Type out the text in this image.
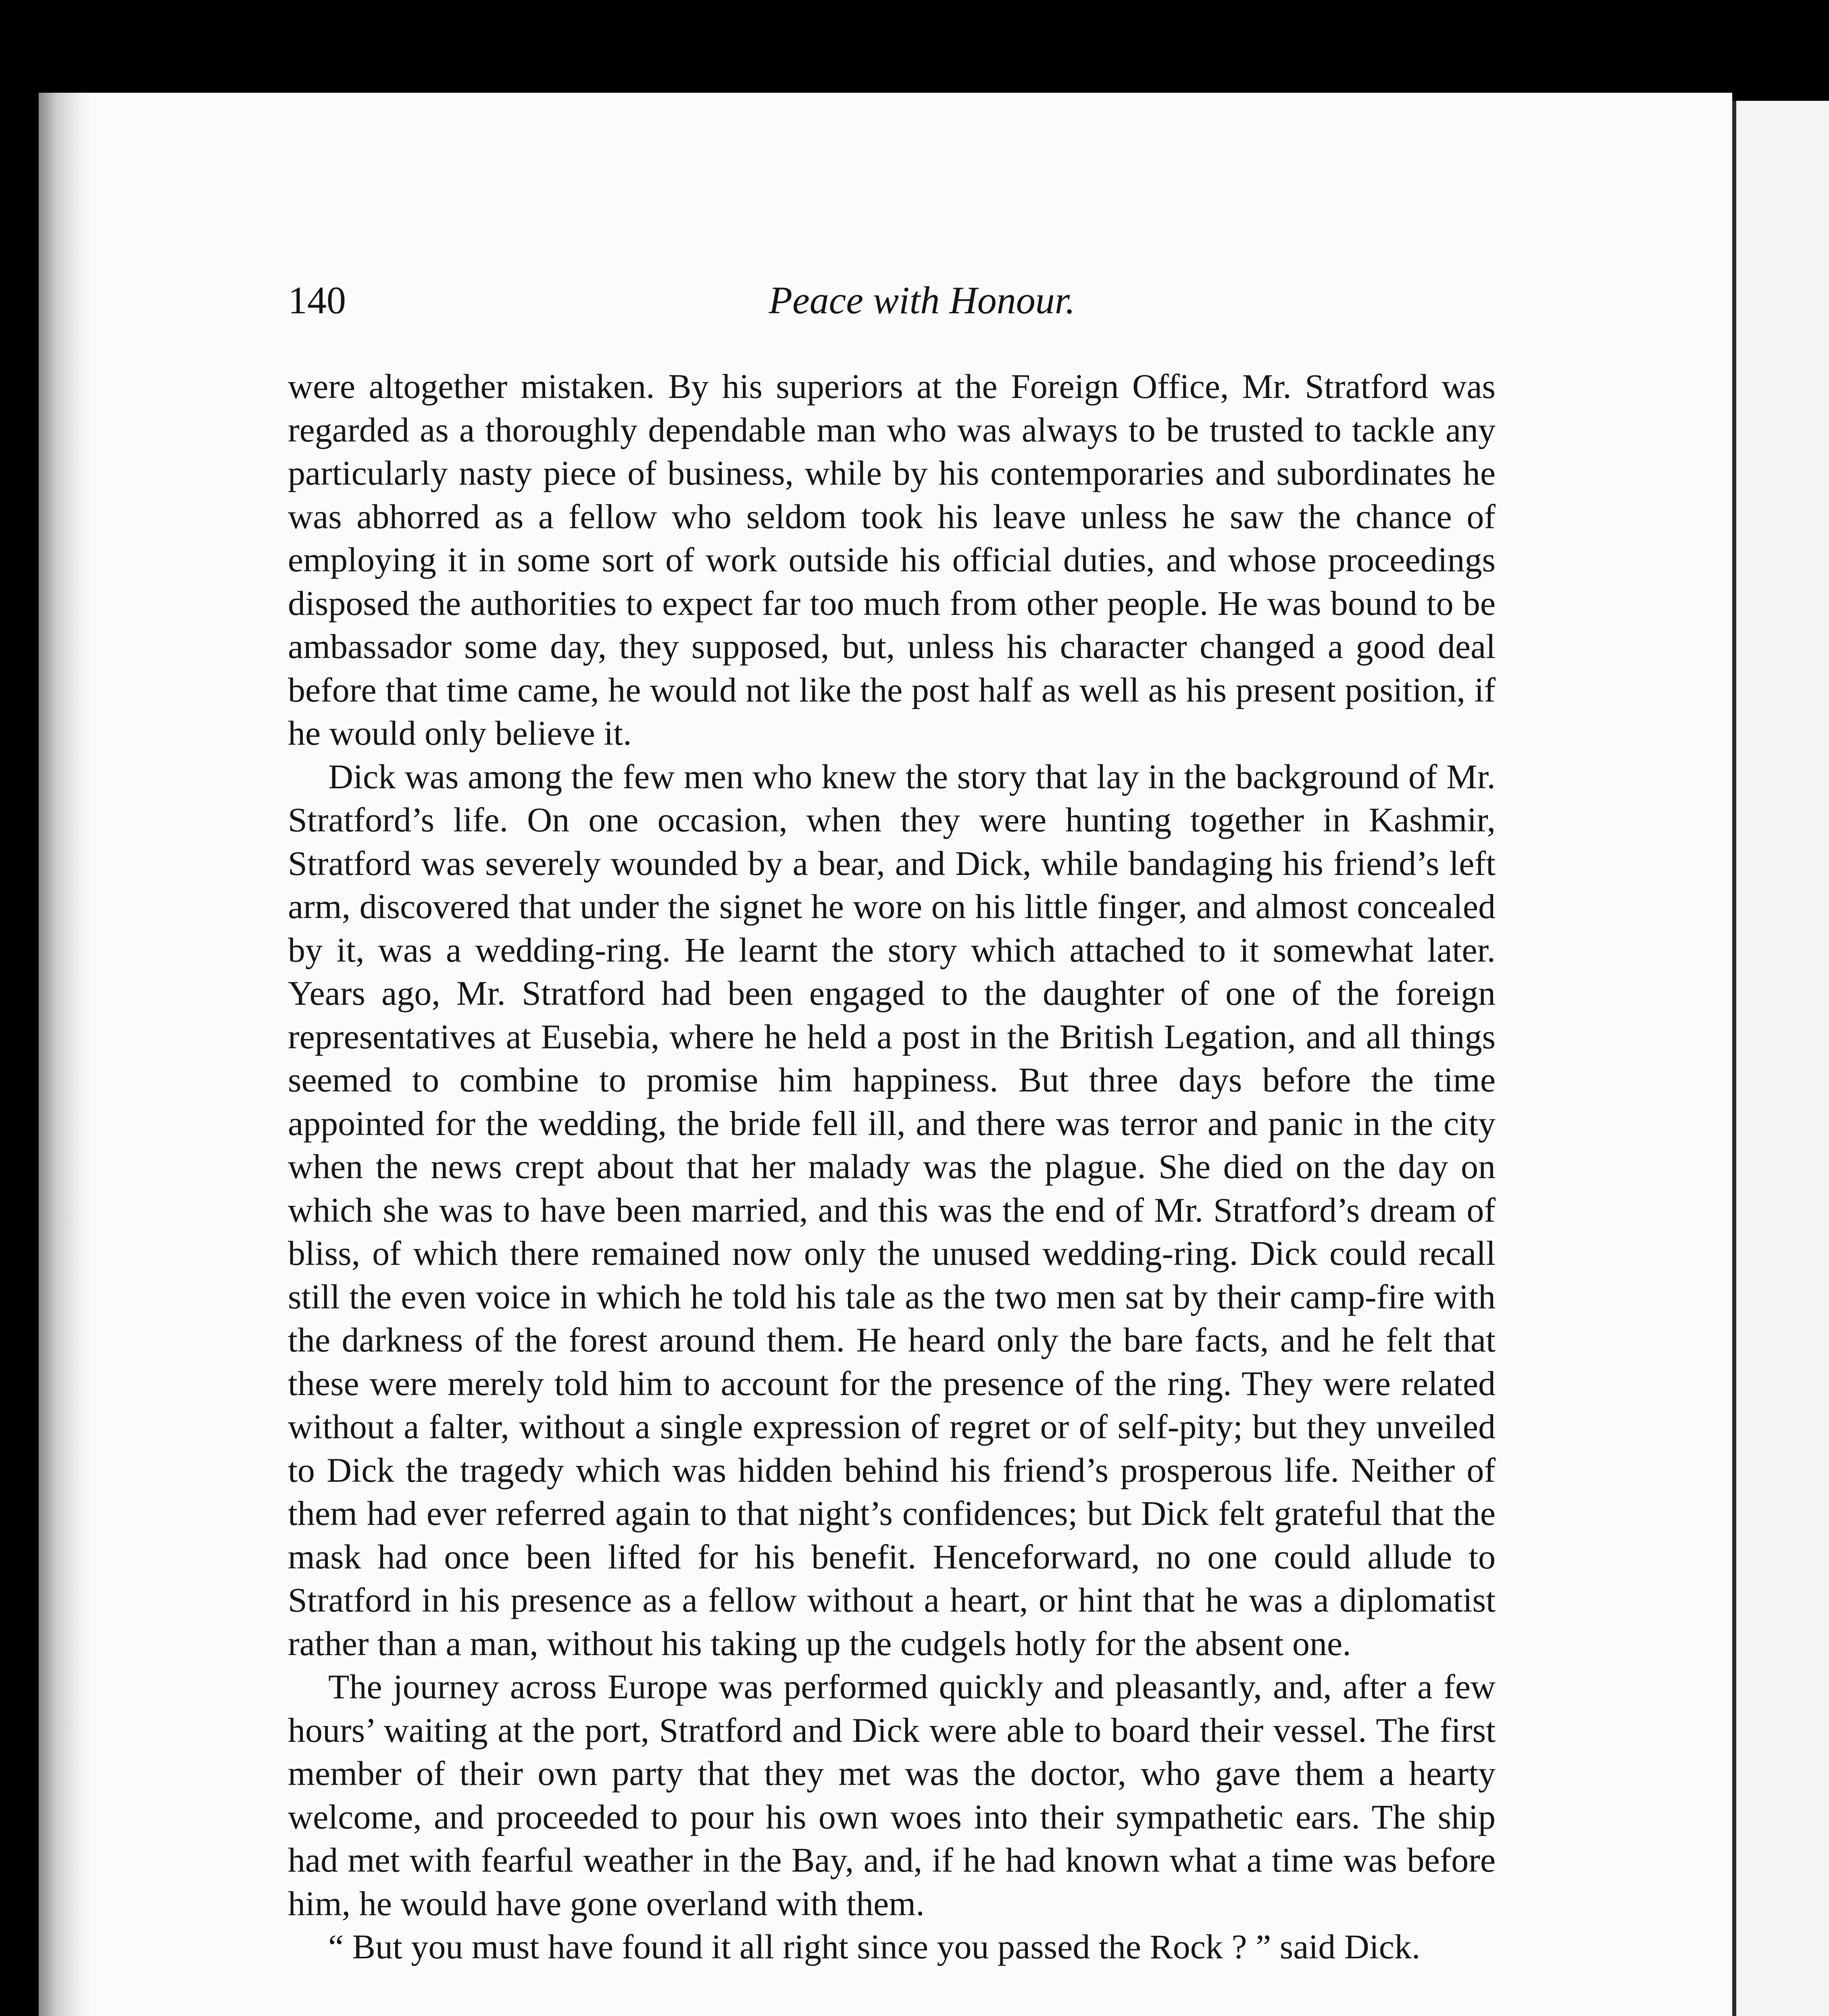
140	Peace with Honour.

were altogether mistaken. By his superiors at the Foreign Office, Mr. Stratford was regarded as a thoroughly dependable man who was always to be trusted to tackle any particularly nasty piece of business, while by his contemporaries and subordinates he was abhorred as a fellow who seldom took his leave unless he saw the chance of employing it in some sort of work outside his official duties, and whose proceedings disposed the authorities to expect far too much from other people. He was bound to be ambassador some day, they supposed, but, unless his character changed a good deal before that time came, he would not like the post half as well as his present position, if he would only believe it.

Dick was among the few men who knew the story that lay in the background of Mr. Stratford’s life. On one occasion, when they were hunting together in Kashmir, Stratford was severely wounded by a bear, and Dick, while bandaging his friend’s left arm, discovered that under the signet he wore on his little finger, and almost concealed by it, was a wedding-ring. He learnt the story which attached to it somewhat later. Years ago, Mr. Stratford had been engaged to the daughter of one of the foreign representatives at Eusebia, where he held a post in the British Legation, and all things seemed to combine to promise him happiness. But three days before the time appointed for the wedding, the bride fell ill, and there was terror and panic in the city when the news crept about that her malady was the plague. She died on the day on which she was to have been married, and this was the end of Mr. Stratford’s dream of bliss, of which there remained now only the unused wedding-ring. Dick could recall still the even voice in which he told his tale as the two men sat by their camp-fire with the darkness of the forest around them. He heard only the bare facts, and he felt that these were merely told him to account for the presence of the ring. They were related without a falter, without a single expression of regret or of self-pity; but they unveiled to Dick the tragedy which was hidden behind his friend’s prosperous life. Neither of them had ever referred again to that night’s confidences; but Dick felt grateful that the mask had once been lifted for his benefit. Henceforward, no one could allude to Stratford in his presence as a fellow without a heart, or hint that he was a diplomatist rather than a man, without his taking up the cudgels hotly for the absent one.

The journey across Europe was performed quickly and pleasantly, and, after a few hours’ waiting at the port, Stratford and Dick were able to board their vessel. The first member of their own party that they met was the doctor, who gave them a hearty welcome, and proceeded to pour his own woes into their sympathetic ears. The ship had met with fearful weather in the Bay, and, if he had known what a time was before him, he would have gone overland with them.

“ But you must have found it all right since you passed the Rock ? ” said Dick.
